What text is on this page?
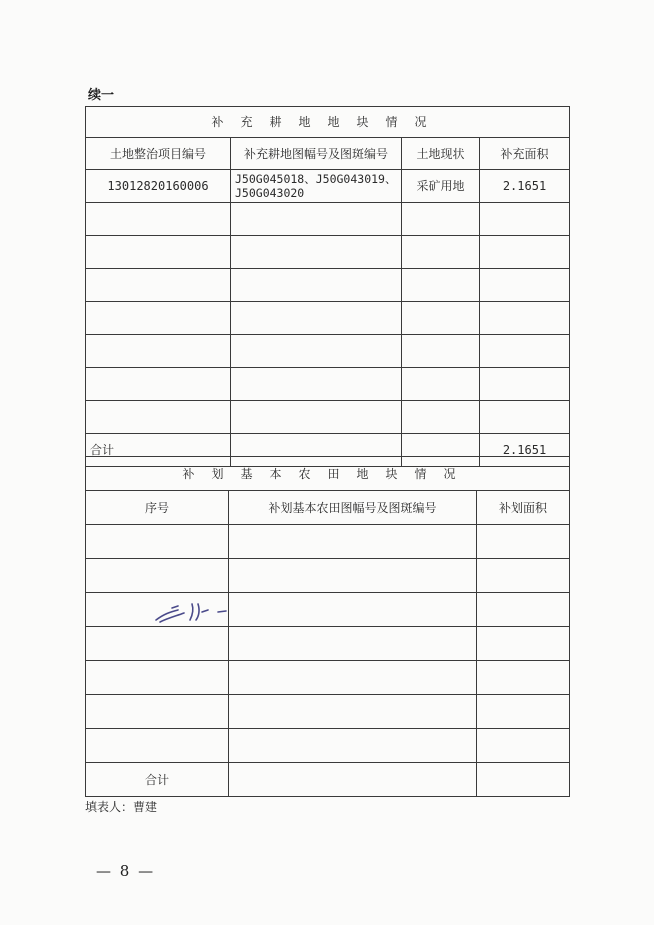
续一
补充耕地地块情况			
土地整治项目编号	补充耕地图幅号及图斑编号	土地现状	补充面积
13012820160006	J50G045018、J50G043019、J50G043020	采矿用地	2.1651

合计			2.1651
补划基本农田地块情况		
序号	补划基本农田图幅号及图斑编号	补划面积

合计		
填表人：曹建
— 8 —
